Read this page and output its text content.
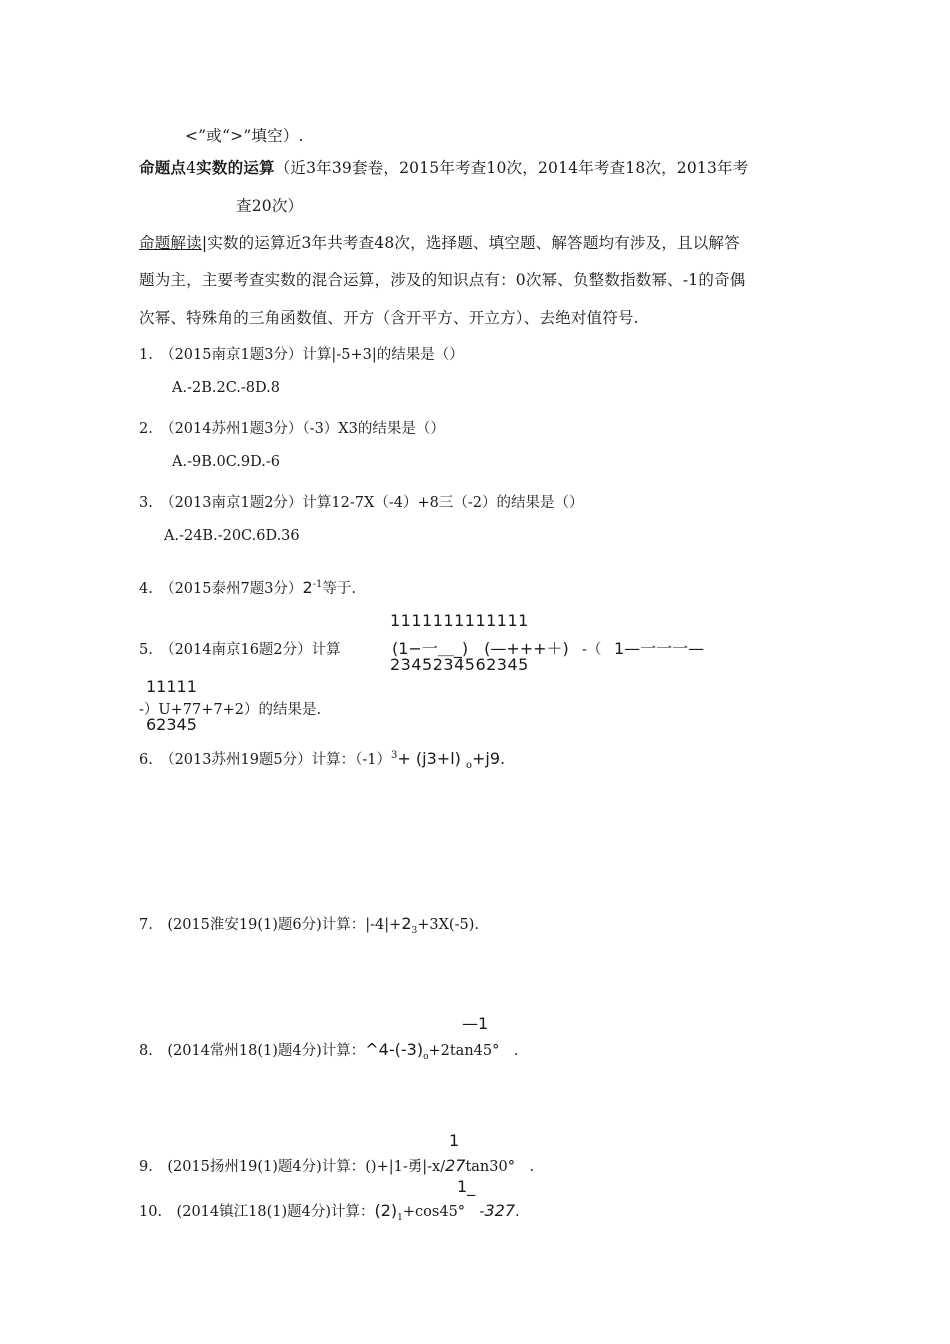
<”或“>”填空）.
命题点4实数的运算（近3年39套卷，2015年考查10次，2014年考查18次，2013年考
查20次）
命题解读|实数的运算近3年共考查48次，选择题、填空题、解答题均有涉及，且以解答
题为主，主要考查实数的混合运算，涉及的知识点有：0次幂、负整数指数幂、-1的奇偶
次幂、特殊角的三角函数值、开方（含开平方、开立方）、去绝对值符号.
1.　（2015南京1题3分）计算|-5+3|的结果是（）
A.-2B.2C.-8D.8
2.　（2014苏州1题3分）（-3）X3的结果是（）
A.-9B.0C.9D.-6
3.　（2013南京1题2分）计算12-7X（-4）+8三（-2）的结果是（）
A.-24B.-20C.6D.36
4.　（2015泰州7题3分）$2^{-1}$等于.
1111111111111
5.　（2014南京16题2分）计算	(1−一＿_)　(—+++＋) -（ 1—一一一—
2345234562345
11111
-）U+77+7+2）的结果是.
62345
6.　（2013苏州19题5分）计算：$(-1)^3+ (j3+l)$ $_o$+j9.
7.　(2015淮安19(1)题6分)计算：$|-4|+2_3+3X(-5)$.
—1
8.　(2014常州18(1)题4分)计算：$\^{}4-(-3)_o+2\tan 45^\circ$　.
1
9.　(2015扬州19(1)题4分)计算：()+|1-勇|-x/27tan30°　.
1_
10.　(2014镇江18(1)题4分)计算：$(2)_1+\cos 45^\circ$　-327.
